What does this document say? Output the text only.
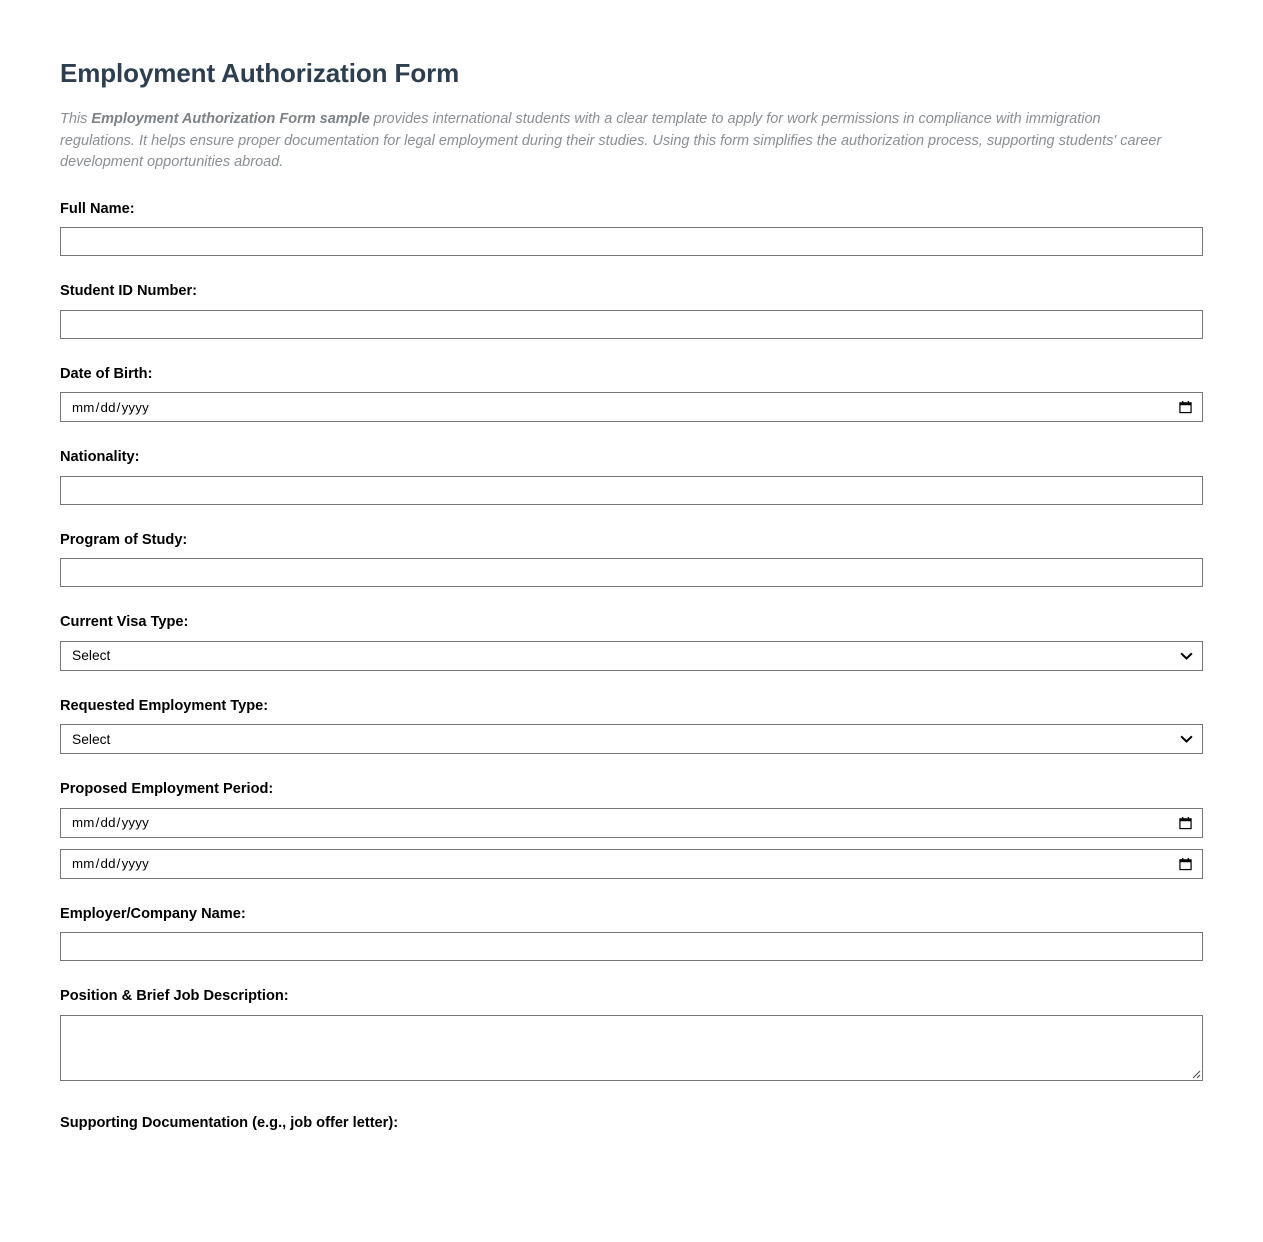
Employment Authorization Form

This Employment Authorization Form sample provides international students with a clear template to apply for work permissions in compliance with immigration regulations. It helps ensure proper documentation for legal employment during their studies. Using this form simplifies the authorization process, supporting students' career development opportunities abroad.

Full Name:
Student ID Number:
Date of Birth:
mm/dd/yyyy
Nationality:
Program of Study:
Current Visa Type:
Select
Requested Employment Type:
Select
Proposed Employment Period:
mm/dd/yyyy
mm/dd/yyyy
Employer/Company Name:
Position & Brief Job Description:
Supporting Documentation (e.g., job offer letter):
